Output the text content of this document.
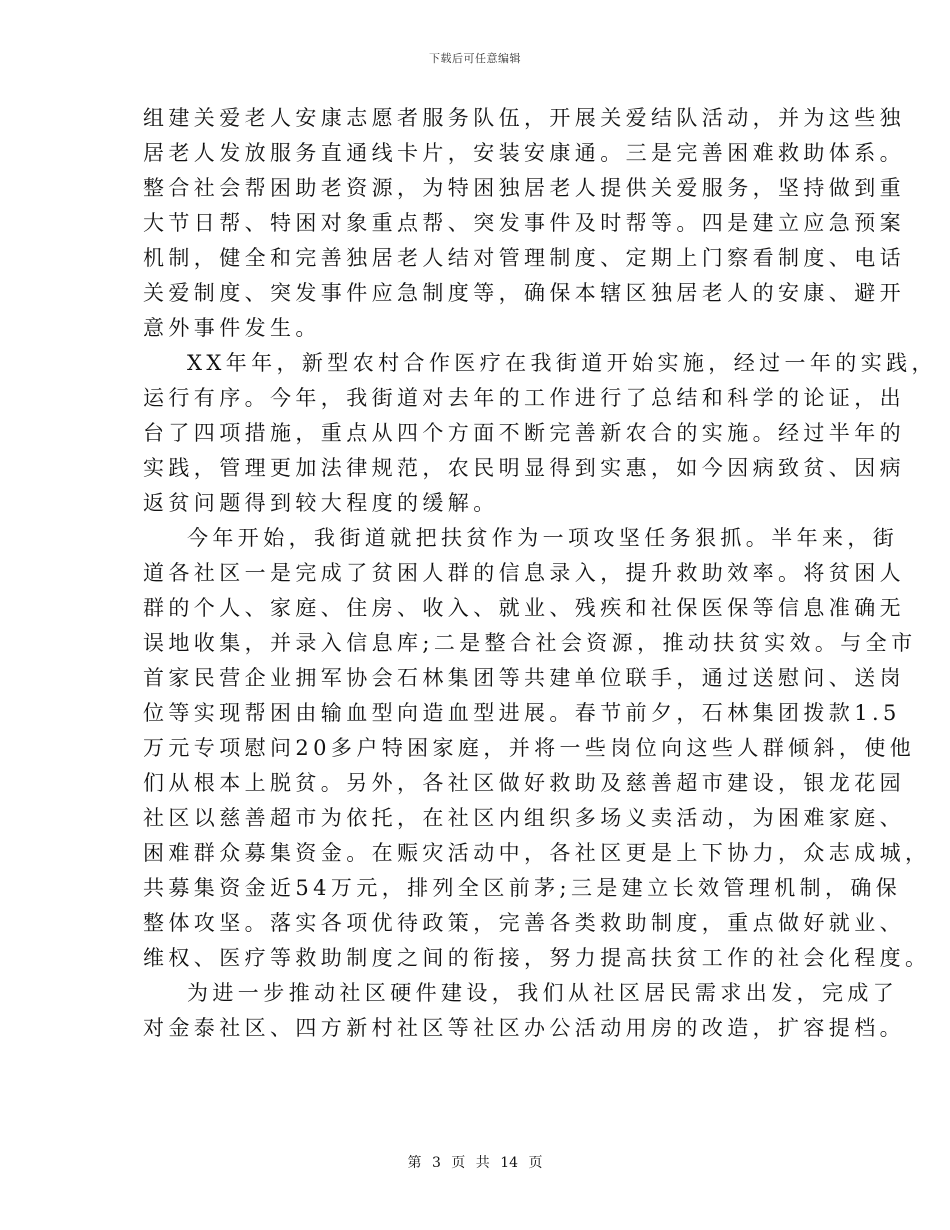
下载后可任意编辑
组建关爱老人安康志愿者服务队伍，开展关爱结队活动，并为这些独
居老人发放服务直通线卡片，安装安康通。三是完善困难救助体系。
整合社会帮困助老资源，为特困独居老人提供关爱服务，坚持做到重
大节日帮、特困对象重点帮、突发事件及时帮等。四是建立应急预案
机制，健全和完善独居老人结对管理制度、定期上门察看制度、电话
关爱制度、突发事件应急制度等，确保本辖区独居老人的安康、避开
意外事件发生。
XX年年，新型农村合作医疗在我街道开始实施，经过一年的实践，
运行有序。今年，我街道对去年的工作进行了总结和科学的论证，出
台了四项措施，重点从四个方面不断完善新农合的实施。经过半年的
实践，管理更加法律规范，农民明显得到实惠，如今因病致贫、因病
返贫问题得到较大程度的缓解。
今年开始，我街道就把扶贫作为一项攻坚任务狠抓。半年来，街
道各社区一是完成了贫困人群的信息录入，提升救助效率。将贫困人
群的个人、家庭、住房、收入、就业、残疾和社保医保等信息准确无
误地收集，并录入信息库;二是整合社会资源，推动扶贫实效。与全市
首家民营企业拥军协会石林集团等共建单位联手，通过送慰问、送岗
位等实现帮困由输血型向造血型进展。春节前夕，石林集团拨款1.5
万元专项慰问20多户特困家庭，并将一些岗位向这些人群倾斜，使他
们从根本上脱贫。另外，各社区做好救助及慈善超市建设，银龙花园
社区以慈善超市为依托，在社区内组织多场义卖活动，为困难家庭、
困难群众募集资金。在赈灾活动中，各社区更是上下协力，众志成城，
共募集资金近54万元，排列全区前茅;三是建立长效管理机制，确保
整体攻坚。落实各项优待政策，完善各类救助制度，重点做好就业、
维权、医疗等救助制度之间的衔接，努力提高扶贫工作的社会化程度。
为进一步推动社区硬件建设，我们从社区居民需求出发，完成了
对金泰社区、四方新村社区等社区办公活动用房的改造，扩容提档。
第 3 页 共 14 页
